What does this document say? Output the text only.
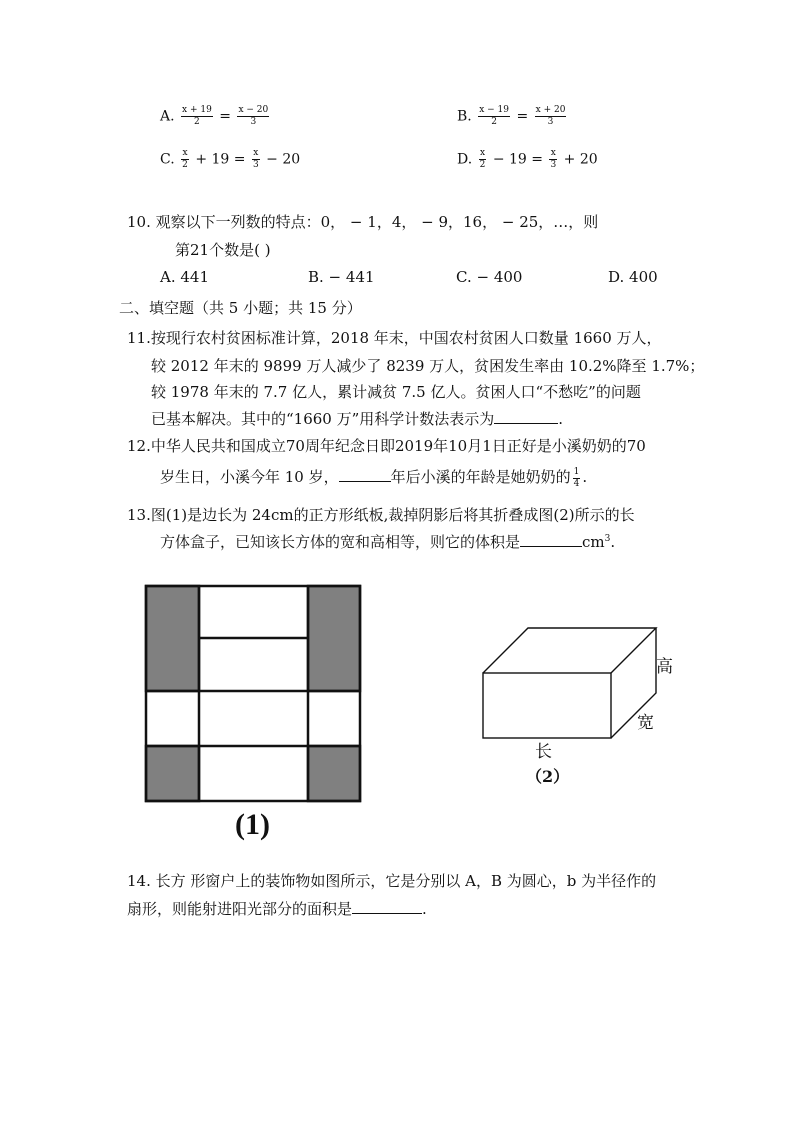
A. $\frac{x + 19}{2} = \frac{x - 20}{3}$	B. $\frac{x - 19}{2} = \frac{x + 20}{3}$
C. $\frac{x}{2} + 19 = \frac{x}{3} - 20$	D. $\frac{x}{2} - 19 = \frac{x}{3} + 20$
10. 观察以下一列数的特点：0， − 1，4， − 9，16， − 25，…，则
第21个数是( )
A. 441	B. − 441	C. − 400	D. 400
二、填空题（共 5 小题；共 15 分）
11.按现行农村贫困标准计算，2018 年末，中国农村贫困人口数量 1660 万人，
较 2012 年末的 9899 万人减少了 8239 万人，贫困发生率由 10.2%降至 1.7%；
较 1978 年末的 7.7 亿人，累计减贫 7.5 亿人。贫困人口“不愁吃”的问题
已基本解决。其中的“1660 万”用科学计数法表示为	.
12.中华人民共和国成立70周年纪念日即2019年10月1日正好是小溪奶奶的70
岁生日，小溪今年 10 岁，	年后小溪的年龄是她奶奶的 $\frac{1}{4}$ .
13.图(1)是边长为 24cm的正方形纸板,裁掉阴影后将其折叠成图(2)所示的长
方体盒子，已知该长方体的宽和高相等，则它的体积是	$cm^3$.
(1)
高
宽
长
（2）
14. 长方 形窗户上的装饰物如图所示，它是分别以 A，B 为圆心，b 为半径作的
扇形，则能射进阳光部分的面积是	.
